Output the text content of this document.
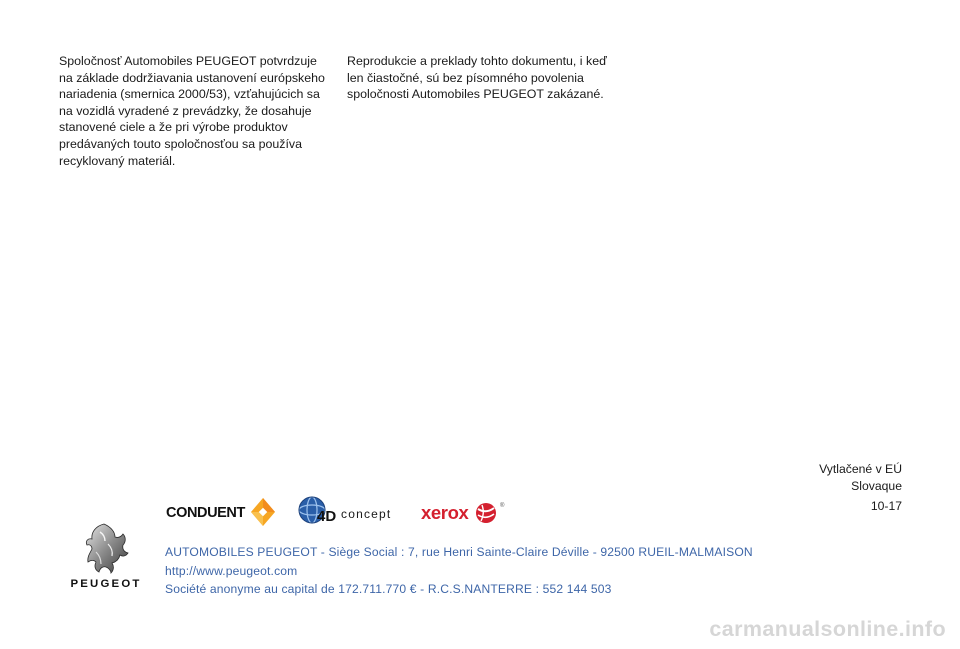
Spoločnosť Automobiles PEUGEOT potvrdzuje na základe dodržiavania ustanovení európskeho nariadenia (smernica 2000/53), vzťahujúcich sa na vozidlá vyradené z prevádzky, že dosahuje stanovené ciele a že pri výrobe produktov predávaných touto spoločnosťou sa používa recyklovaný materiál.

Reprodukcie a preklady tohto dokumentu, i keď len čiastočné, sú bez písomného povolenia spoločnosti Automobiles PEUGEOT zakázané.

Vytlačené v EÚ
Slovaque
10-17
CONDUENT	4D concept xerox	®
PEUGEOT
AUTOMOBILES PEUGEOT - Siège Social : 7, rue Henri Sainte-Claire Déville - 92500 RUEIL-MALMAISON
http://www.peugeot.com
Société anonyme au capital de 172.711.770 € - R.C.S.NANTERRE : 552 144 503
carmanualsonline.info
